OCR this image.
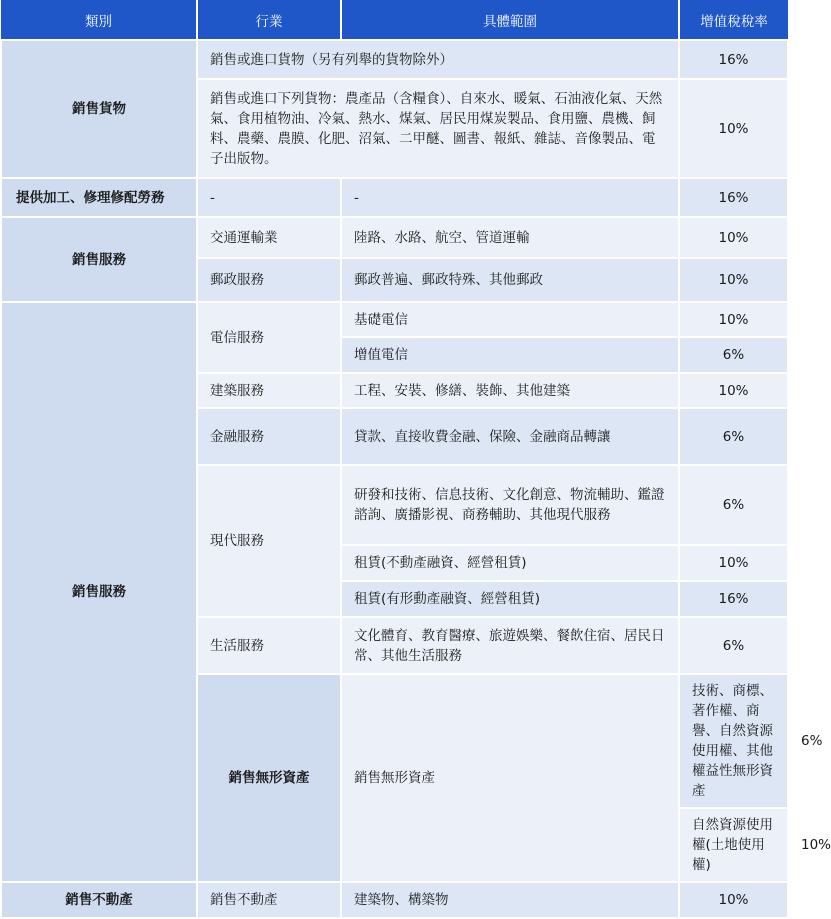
類別	行業	具體範圍	增值稅稅率	
銷售貨物	銷售或進口貨物（另有列舉的貨物除外）		16%	
	銷售或進口下列貨物：農產品（含糧食）、自來水、暖氣、石油液化氣、天然氣、食用植物油、冷氣、熱水、煤氣、居民用煤炭製品、食用鹽、農機、飼料、農藥、農膜、化肥、沼氣、二甲醚、圖書、報紙、雜誌、音像製品、電子出版物。		10%	
提供加工、修理修配勞務	-	-	16%	
銷售服務	交通運輸業	陸路、水路、航空、管道運輸	10%	
	郵政服務	郵政普遍、郵政特殊、其他郵政	10%	
銷售服務	電信服務	基礎電信	10%	
		增值電信	6%	
	建築服務	工程、安裝、修繕、裝飾、其他建築	10%	
	金融服務	貸款、直接收費金融、保險、金融商品轉讓	6%	
	現代服務	研發和技術、信息技術、文化創意、物流輔助、鑑證諮詢、廣播影視、商務輔助、其他現代服務	6%	
		租賃(不動產融資、經營租賃)	10%	
		租賃(有形動產融資、經營租賃)	16%	
	生活服務	文化體育、教育醫療、旅遊娛樂、餐飲住宿、居民日常、其他生活服務	6%	
	銷售無形資產	銷售無形資產	技術、商標、著作權、商譽、自然資源使用權、其他權益性無形資產	6%
			自然資源使用權(土地使用權)	10%
銷售不動產	銷售不動產	建築物、構築物	10%	
